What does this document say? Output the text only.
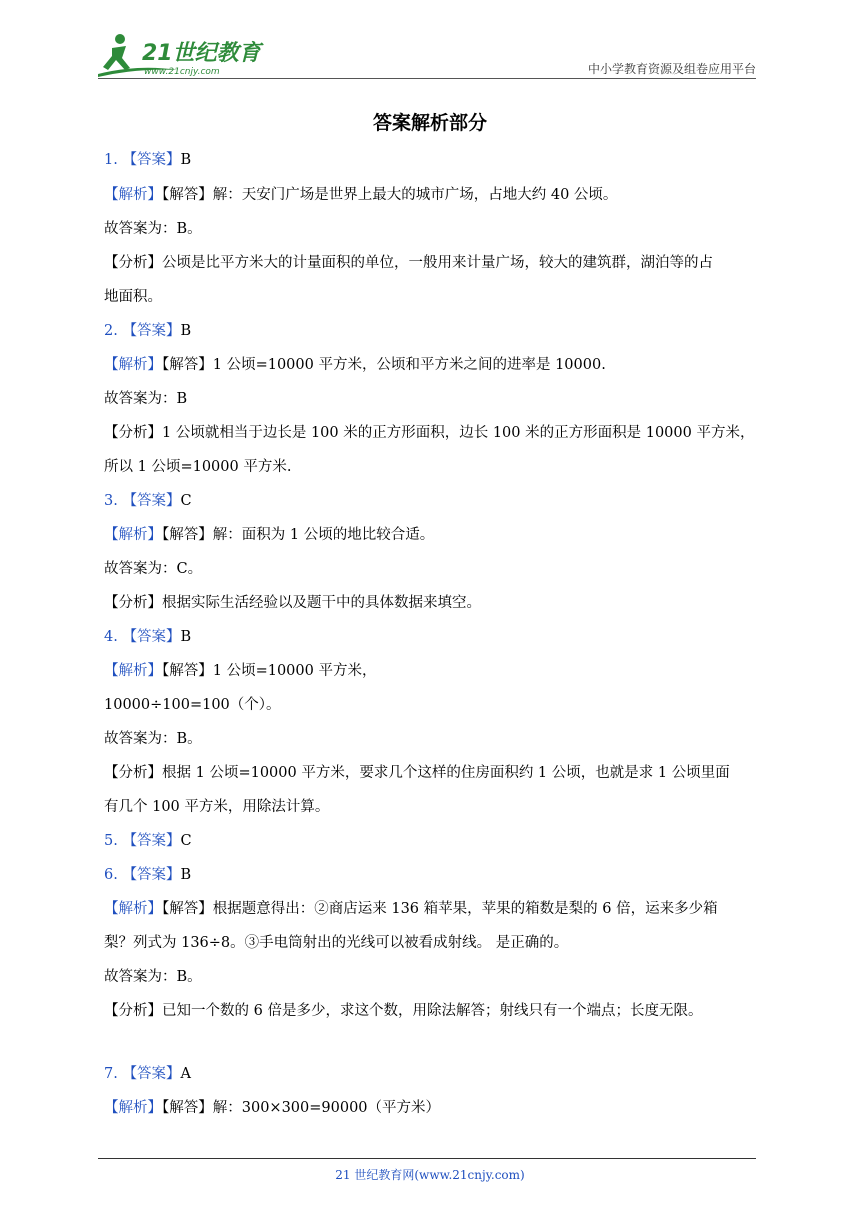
21世纪教育
www.21cnjy.com	中小学教育资源及组卷应用平台
答案解析部分
1. 【答案】B
【解析】【解答】解：天安门广场是世界上最大的城市广场，占地大约 40 公顷。
故答案为：B。
【分析】公顷是比平方米大的计量面积的单位，一般用来计量广场，较大的建筑群，湖泊等的占
地面积。
2. 【答案】B
【解析】【解答】1 公顷=10000 平方米，公顷和平方米之间的进率是 10000.
故答案为：B
【分析】1 公顷就相当于边长是 100 米的正方形面积，边长 100 米的正方形面积是 10000 平方米，
所以 1 公顷=10000 平方米.
3. 【答案】C
【解析】【解答】解：面积为 1 公顷的地比较合适。
故答案为：C。
【分析】根据实际生活经验以及题干中的具体数据来填空。
4. 【答案】B
【解析】【解答】1 公顷=10000 平方米，
10000÷100=100（个）。
故答案为：B。
【分析】根据 1 公顷=10000 平方米，要求几个这样的住房面积约 1 公顷，也就是求 1 公顷里面
有几个 100 平方米，用除法计算。
5. 【答案】C
6. 【答案】B
【解析】【解答】根据题意得出：②商店运来 136 箱苹果，苹果的箱数是梨的 6 倍，运来多少箱
梨？列式为 136÷8。③手电筒射出的光线可以被看成射线。 是正确的。
故答案为：B。
【分析】已知一个数的 6 倍是多少，求这个数，用除法解答；射线只有一个端点；长度无限。
7. 【答案】A
【解析】【解答】解：300×300=90000（平方米）
21 世纪教育网(www.21cnjy.com)
